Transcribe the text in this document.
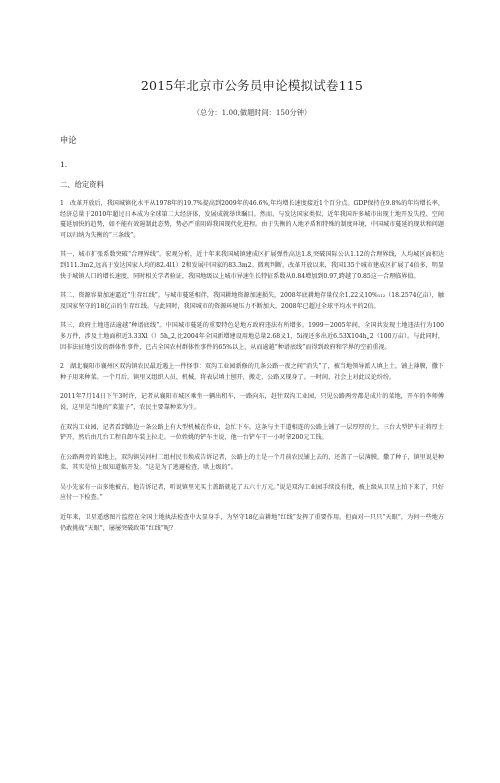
2015年北京市公务员申论模拟试卷115
（总分：1.00,做题时间：150分钟）
申论
1.
二、给定资料
1　改革开放后，我国城镇化水平从1978年的19.7%提高到2009年的46.6%,年均增长速度接近1个百分点。GDP保持在9.8%的年均增长率，经济总量于2010年超过日本成为全球第二大经济体，发展成就举世瞩目。然而，与发达国家类似，近年我国许多城市出现土地开发失控、空间蔓延加快的趋势，如不能有效遏制此态势，势必严重阻碍我国现代化进程。由于失衡的人地矛盾和特殊的制度环境，中国城市蔓延的现状和问题可以归纳为失衡的“三条线”。
其一，城市扩张系数突破“合理界线”。宏观分析，近十年来我国城镇建成区扩展弹性高达1.8,突破国际公认1.12的合理界线，人均城区面积达到111.3m2,远高于发达国家人均的82.4l1）2和发展中国家的83.3m2。微观判断，改革开放以来，我国135个城市建成区扩展了4倍多，明显快于城镇人口的增长速度，同时相关学者验证，我国地级以上城市异速生长特征系数从0.84增加到0.97,跨越了0.85这一合理临界值。
其二，资源容量加速逼近“生存红线”。与城市蔓延相伴，我国耕地资源加速损失，2008年底耕地存量仅余1.22义10%₁₁₂（18.2574亿亩），触及国家坚守的18亿亩的生存红线。与此同时，我国城市的资源环境压力不断加大，2008年已超过全球平均水平的2倍。
其三，政府土地违法逾越“种谱底线”。中国城市蔓延的重要特色是地方政府违法有所增多。1999～2005年间，全国共发现土地违法行为100多万件，涉及土地面积近3.33Xl（）5h„2,比2004年全国新增建设用地总量2.68义1，5i视还多出近6.53X104h„2（100万亩）。与此同时，因非法征地引发的群体性事件，已占全国农村群体性事件的65%以上，从而逾越“种谱底线”而得到政府和学界的空前重视。
2　湖北襄阳市襄州区双沟镇农民最近遇上一件怪事：双沟工业园新修的几条公路一夜之间“消失”了，被当地领导派人填上土，铺上薄膜，撒下种子用来种菜。一个月后，镇里又组织人员、机械，将表层填土刨开，搬走，公路又现身了。一时间，社会上对此议论纷纷。
2011年7月14日下午3时许，记者从襄阳市城区乘坐一辆出租车，一路向东，赶往双沟工业园，只见公路两旁都是成片的菜地，开车的李师傅说，这里是当地的“菜篮子”，农民主要靠种菜为生。
在双沟工业园，记者看到路边一条公路上有大型机械在作业，急忙下车。这条与主干道相连的公路上铺了一层厚厚的土，三台大型铲车正将厚土铲开，然后由几台工程自卸车装上拉走。一位姓姚的铲车主说，他一台铲车干一小时拿200元工钱。
在公路两旁的菜地上，双沟镇吴河村二组村民韦焕成告诉记者，公路上的土是一个月前农民铺上去的，还盖了一层薄膜，撒了种子，镇里说是种菜，其实是怕上级知道搞开发。“这是为了逃避检查，哄上级的”。
吴小先家有一亩多地被占，他告诉记者，听说镇里光买土盖路就花了五六十万元。”说是双沟工业园手续没有批，被上级从卫星上拍下来了，只好应付一下检查。”
近年来，卫星遥感图片监控在全国土地执法检查中大显身手，为坚守18亿亩耕地“红线”发挥了重要作用。但面对一只只“天眼”，为何一些地方仍敢挑战“天眼”，屡屡突破政策“红线”呢？
